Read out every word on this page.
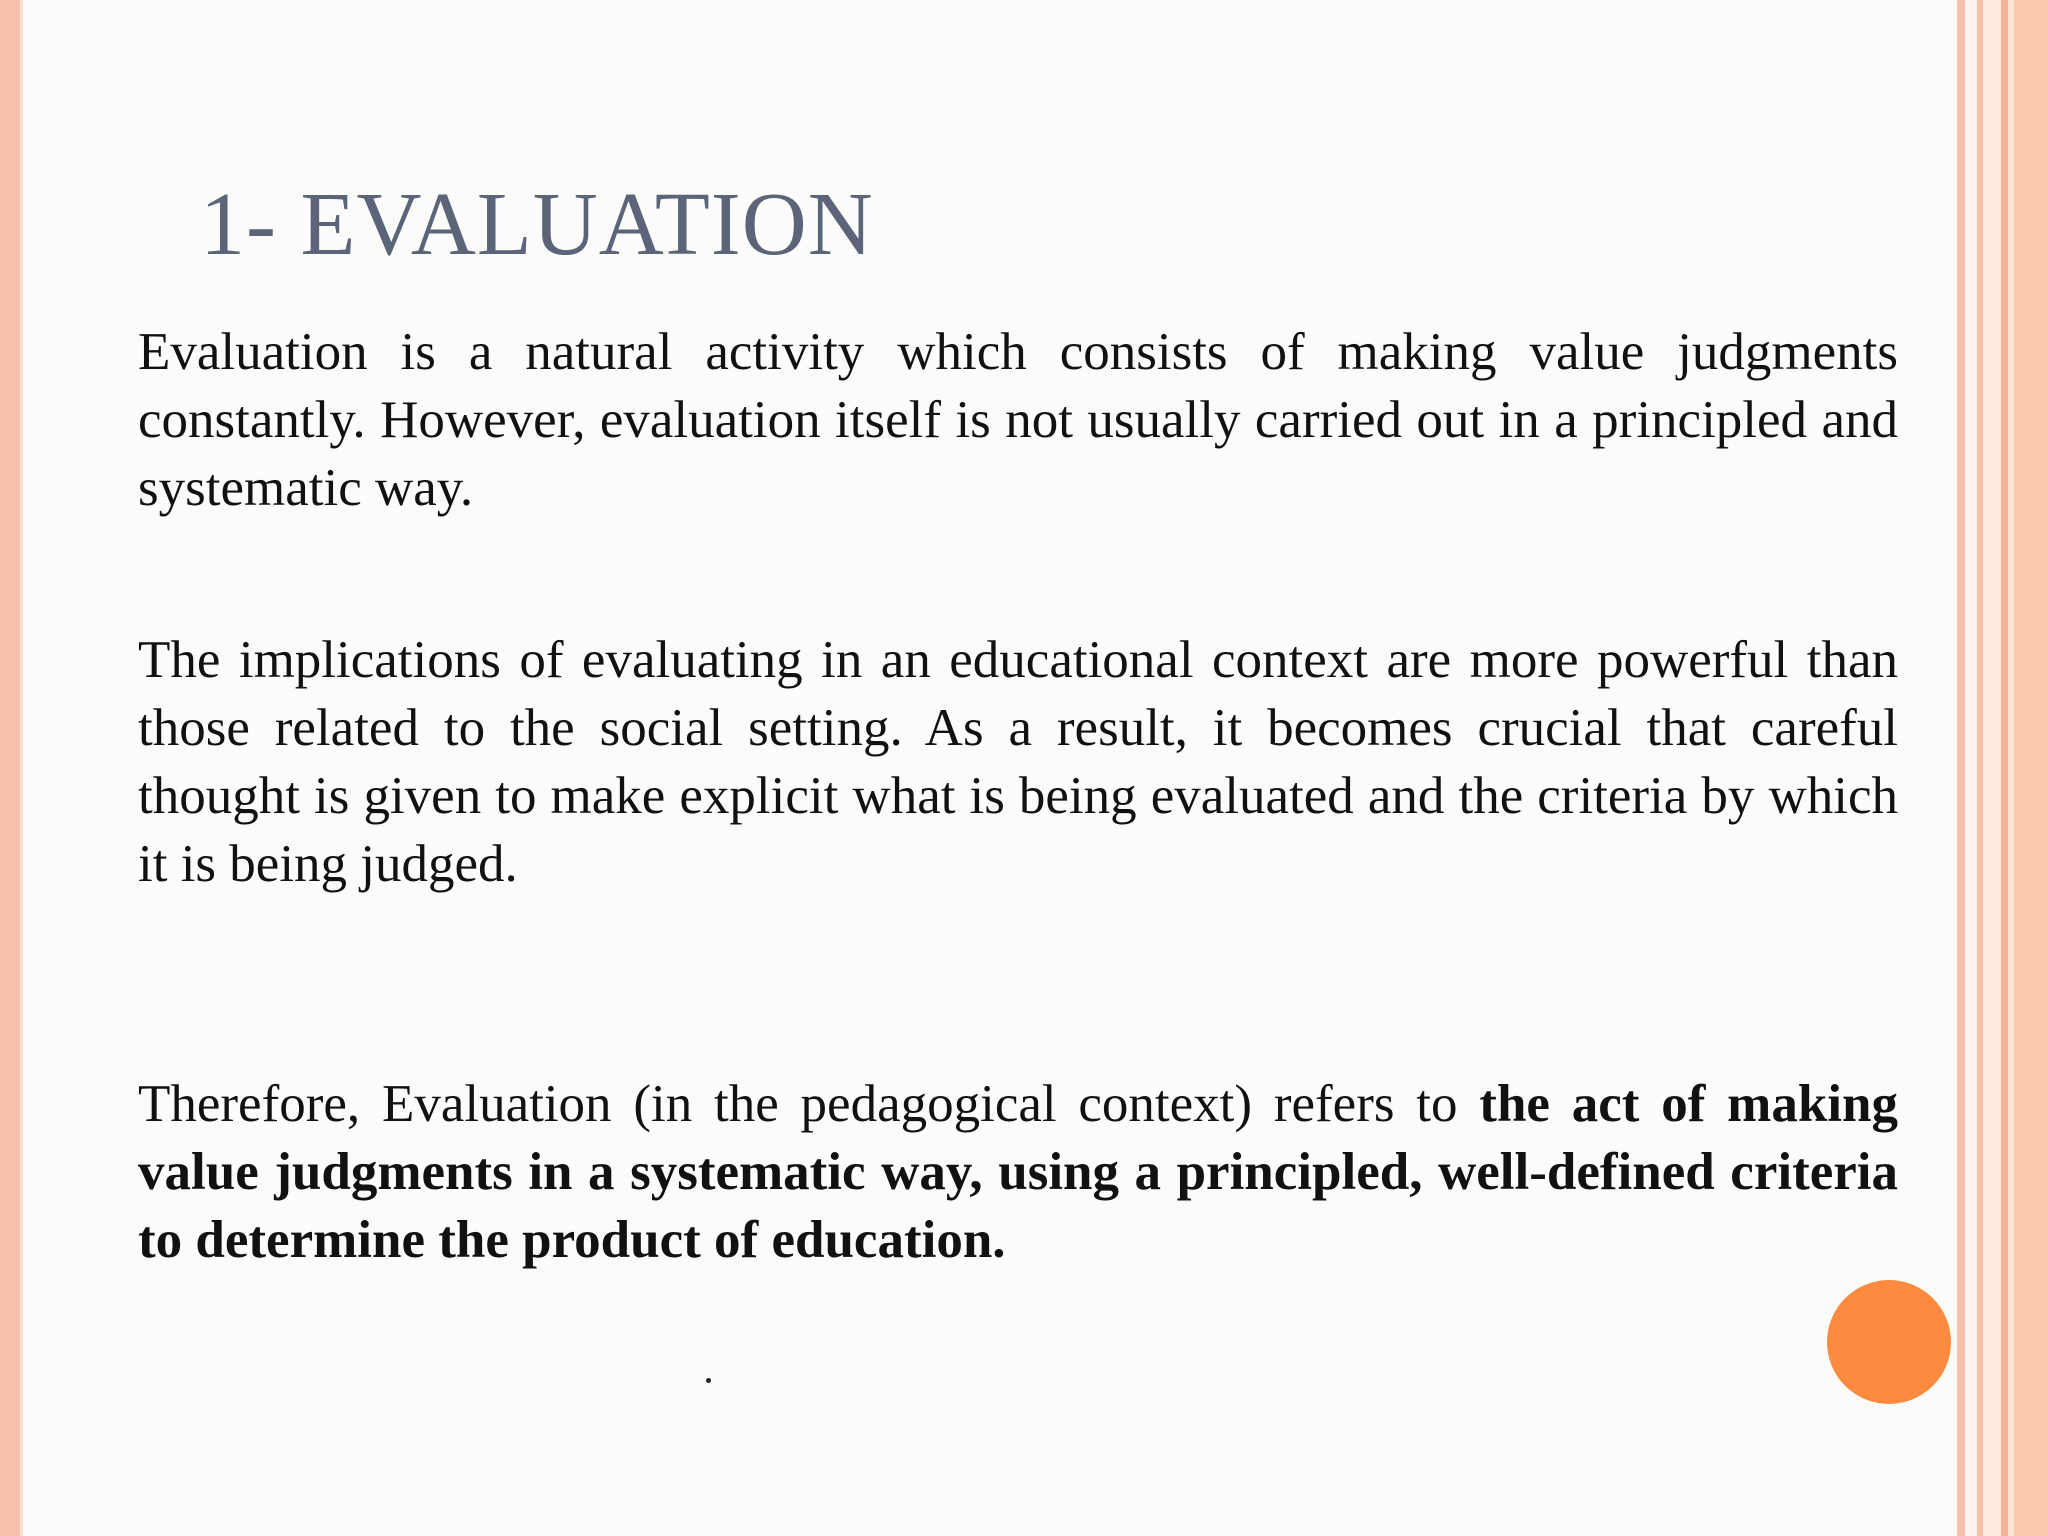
1- EVALUATION

Evaluation is a natural activity which consists of making value judgments constantly. However, evaluation itself is not usually carried out in a principled and systematic way.

The implications of evaluating in an educational context are more powerful than those related to the social setting. As a result, it becomes crucial that careful thought is given to make explicit what is being evaluated and the criteria by which it is being judged.

Therefore, Evaluation (in the pedagogical context) refers to the act of making value judgments in a systematic way, using a principled, well-defined criteria to determine the product of education.
